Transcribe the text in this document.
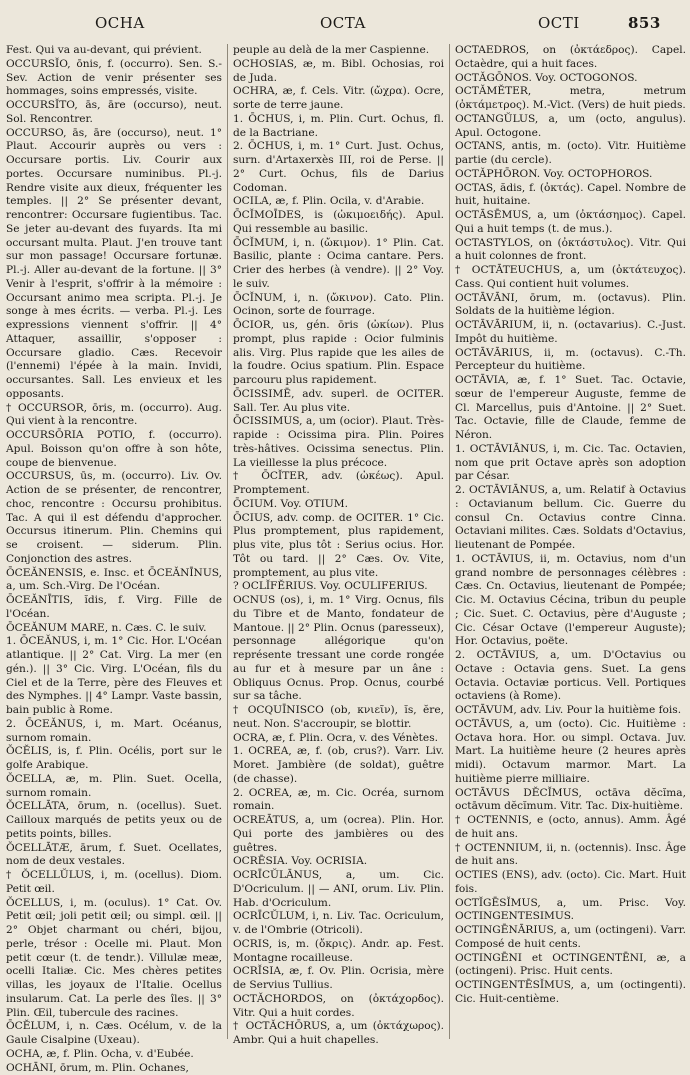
OCHA	OCTA	OCTI	853

Fest. Qui va au-devant, qui prévient.

OCCURSĬO, ōnis, f. (occurro). Sen. S.-Sev. Action de venir présenter ses hommages, soins empressés, visite.

OCCURSĬTO, ās, āre (occurso), neut. Sol. Rencontrer.

OCCURSO, ās, āre (occurso), neut. 1° Plaut. Accourir auprès ou vers : Occursare portis. Liv. Courir aux portes. Occursare numinibus. Pl.-j. Rendre visite aux dieux, fréquenter les temples. || 2° Se présenter devant, rencontrer: Occursare fugientibus. Tac. Se jeter au-devant des fuyards. Ita mi occursant multa. Plaut. J'en trouve tant sur mon passage! Occursare fortunæ. Pl.-j. Aller au-devant de la fortune. || 3° Venir à l'esprit, s'offrir à la mémoire : Occursant animo mea scripta. Pl.-j. Je songe à mes écrits. — verba. Pl.-j. Les expressions viennent s'offrir. || 4° Attaquer, assaillir, s'opposer : Occursare gladio. Cæs. Recevoir (l'ennemi) l'épée à la main. Invidi, occursantes. Sall. Les envieux et les opposants.

† OCCURSOR, ōris, m. (occurro). Aug. Qui vient à la rencontre.

OCCURSŌRIA POTIO, f. (occurro). Apul. Boisson qu'on offre à son hôte, coupe de bienvenue.

OCCURSUS, ūs, m. (occurro). Liv. Ov. Action de se présenter, de rencontrer, choc, rencontre : Occursu prohibitus. Tac. A qui il est défendu d'approcher. Occursus itinerum. Plin. Chemins qui se croisent. — siderum. Plin. Conjonction des astres.

ŌCEĂNENSIS, e. Insc. et ŌCEĂNĪNUS, a, um. Sch.-Virg. De l'Océan.

ŌCEĂNĪTIS, ĭdis, f. Virg. Fille de l'Océan.

ŌCEĂNUM MARE, n. Cæs. C. le suiv.

1. ŌCEĂNUS, i, m. 1° Cic. Hor. L'Océan atlantique. || 2° Cat. Virg. La mer (en gén.). || 3° Cic. Virg. L'Océan, fils du Ciel et de la Terre, père des Fleuves et des Nymphes. || 4° Lampr. Vaste bassin, bain public à Rome.

2. ŌCEĂNUS, i, m. Mart. Océanus, surnom romain.

ŎCĔLIS, is, f. Plin. Océlis, port sur le golfe Arabique.

ŎCELLA, æ, m. Plin. Suet. Ocella, surnom romain.

ŎCELLĀTA, ōrum, n. (ocellus). Suet. Cailloux marqués de petits yeux ou de petits points, billes.

ŎCELLĀTÆ, ārum, f. Suet. Ocellates, nom de deux vestales.

† ŎCELLŬLUS, i, m. (ocellus). Diom. Petit œil.

ŎCELLUS, i, m. (oculus). 1° Cat. Ov. Petit œil; joli petit œil; ou simpl. œil. || 2° Objet charmant ou chéri, bijou, perle, trésor : Ocelle mi. Plaut. Mon petit cœur (t. de tendr.). Villulæ meæ, ocelli Italiæ. Cic. Mes chères petites villas, les joyaux de l'Italie. Ocellus insularum. Cat. La perle des îles. || 3° Plin. Œil, tubercule des racines.

ŌCĔLUM, i, n. Cæs. Océlum, v. de la Gaule Cisalpine (Uxeau).

OCHA, æ, f. Plin. Ocha, v. d'Eubée.

OCHĀNI, ōrum, m. Plin. Ochanes,

peuple au delà de la mer Caspienne.

OCHOSIAS, æ, m. Bibl. Ochosias, roi de Juda.

OCHRA, æ, f. Cels. Vitr. (ὤχρα). Ocre, sorte de terre jaune.

1. ŌCHUS, i, m. Plin. Curt. Ochus, fl. de la Bactriane.

2. ŌCHUS, i, m. 1° Curt. Just. Ochus, surn. d'Artaxerxès III, roi de Perse. || 2° Curt. Ochus, fils de Darius Codoman.

OCILA, æ, f. Plin. Ocila, v. d'Arabie.

ŌCĬMOĪDES, is (ὠκιμοειδής). Apul. Qui ressemble au basilic.

ŌCĬMUM, i, n. (ὤκιμον). 1° Plin. Cat. Basilic, plante : Ocima cantare. Pers. Crier des herbes (à vendre). || 2° Voy. le suiv.

ŌCĬNUM, i, n. (ὤκινον). Cato. Plin. Ocinon, sorte de fourrage.

ŌCIOR, us, gén. ōris (ὠκίων). Plus prompt, plus rapide : Ocior fulminis alis. Virg. Plus rapide que les ailes de la foudre. Ocius spatium. Plin. Espace parcouru plus rapidement.

ŌCISSIMĒ, adv. superl. de OCITER. Sall. Ter. Au plus vite.

ŌCISSIMUS, a, um (ocior). Plaut. Très-rapide : Ocissima pira. Plin. Poires très-hâtives. Ocissima senectus. Plin. La vieillesse la plus précoce.

† ŌCĬTER, adv. (ὠκέως). Apul. Promptement.

ŌCIUM. Voy. OTIUM.

ŌCIUS, adv. comp. de OCITER. 1° Cic. Plus promptement, plus rapidement, plus vite, plus tôt : Serius ocius. Hor. Tôt ou tard. || 2° Cæs. Ov. Vite, promptement, au plus vite.

? OCLĬFĔRIUS. Voy. OCULIFERIUS.

OCNUS (os), i, m. 1° Virg. Ocnus, fils du Tibre et de Manto, fondateur de Mantoue. || 2° Plin. Ocnus (paresseux), personnage allégorique qu'on représente tressant une corde rongée au fur et à mesure par un âne : Obliquus Ocnus. Prop. Ocnus, courbé sur sa tâche.

† OCQUĪNISCO (ob, κνιεῖν), ĭs, ĕre, neut. Non. S'accroupir, se blottir.

OCRA, æ, f. Plin. Ocra, v. des Vénètes.

1. OCREA, æ, f. (ob, crus?). Varr. Liv. Moret. Jambière (de soldat), guêtre (de chasse).

2. OCREA, æ, m. Cic. Ocréa, surnom romain.

OCREĀTUS, a, um (ocrea). Plin. Hor. Qui porte des jambières ou des guêtres.

OCRĒSIA. Voy. OCRISIA.

OCRĪCŬLĀNUS, a, um. Cic. D'Ocriculum. || — ANI, orum. Liv. Plin. Hab. d'Ocriculum.

OCRĪCŬLUM, i, n. Liv. Tac. Ocriculum, v. de l'Ombrie (Otricoli).

OCRIS, is, m. (ὄκρις). Andr. ap. Fest. Montagne rocailleuse.

OCRĬSIA, æ, f. Ov. Plin. Ocrisia, mère de Servius Tullius.

OCTĂCHORDOS, on (ὀκτάχορδος). Vitr. Qui a huit cordes.

† OCTĂCHŌRUS, a, um (ὀκτάχωρος). Ambr. Qui a huit chapelles.

OCTAEDROS, on (ὀκτάεδρος). Capel. Octaèdre, qui a huit faces.

OCTĂGŌNOS. Voy. OCTOGONOS.

OCTĂMĔTER, metra, metrum (ὀκτάμετρος). M.-Vict. (Vers) de huit pieds.

OCTANGŬLUS, a, um (octo, angulus). Apul. Octogone.

OCTANS, antis, m. (octo). Vitr. Huitième partie (du cercle).

OCTĂPHŌRON. Voy. OCTOPHOROS.

OCTAS, ădis, f. (ὀκτάς). Capel. Nombre de huit, huitaine.

OCTĀSĒMUS, a, um (ὀκτάσημος). Capel. Qui a huit temps (t. de mus.).

OCTASTYLOS, on (ὀκτάστυλος). Vitr. Qui a huit colonnes de front.

† OCTĀTEUCHUS, a, um (ὀκτάτευχος). Cass. Qui contient huit volumes.

OCTĀVĀNI, ōrum, m. (octavus). Plin. Soldats de la huitième légion.

OCTĀVĀRIUM, ii, n. (octavarius). C.-Just. Impôt du huitième.

OCTĀVĀRIUS, ii, m. (octavus). C.-Th. Percepteur du huitième.

OCTĀVIA, æ, f. 1° Suet. Tac. Octavie, sœur de l'empereur Auguste, femme de Cl. Marcellus, puis d'Antoine. || 2° Suet. Tac. Octavie, fille de Claude, femme de Néron.

1. OCTĀVIĀNUS, i, m. Cic. Tac. Octavien, nom que prit Octave après son adoption par César.

2. OCTĀVIĀNUS, a, um. Relatif à Octavius : Octavianum bellum. Cic. Guerre du consul Cn. Octavius contre Cinna. Octaviani milites. Cæs. Soldats d'Octavius, lieutenant de Pompée.

1. OCTĀVIUS, ii, m. Octavius, nom d'un grand nombre de personnages célèbres : Cæs. Cn. Octavius, lieutenant de Pompée; Cic. M. Octavius Cécina, tribun du peuple ; Cic. Suet. C. Octavius, père d'Auguste ; Cic. César Octave (l'empereur Auguste); Hor. Octavius, poëte.

2. OCTĀVIUS, a, um. D'Octavius ou Octave : Octavia gens. Suet. La gens Octavia. Octaviæ porticus. Vell. Portiques octaviens (à Rome).

OCTĀVUM, adv. Liv. Pour la huitième fois.

OCTĀVUS, a, um (octo). Cic. Huitième : Octava hora. Hor. ou simpl. Octava. Juv. Mart. La huitième heure (2 heures après midi). Octavum marmor. Mart. La huitième pierre milliaire.

OCTĀVUS DĔCĬMUS, octāva dĕcĭma, octāvum dĕcĭmum. Vitr. Tac. Dix-huitième.

† OCTENNIS, e (octo, annus). Amm. Âgé de huit ans.

† OCTENNIUM, ii, n. (octennis). Insc. Âge de huit ans.

OCTIES (ENS), adv. (octo). Cic. Mart. Huit fois.

OCTĬGĒSĬMUS, a, um. Prisc. Voy. OCTINGENTESIMUS.

OCTINGĒNĀRIUS, a, um (octingeni). Varr. Composé de huit cents.

OCTINGĒNI et OCTINGENTĒNI, æ, a (octingeni). Prisc. Huit cents.

OCTINGENTĒSĬMUS, a, um (octingenti). Cic. Huit-centième.
